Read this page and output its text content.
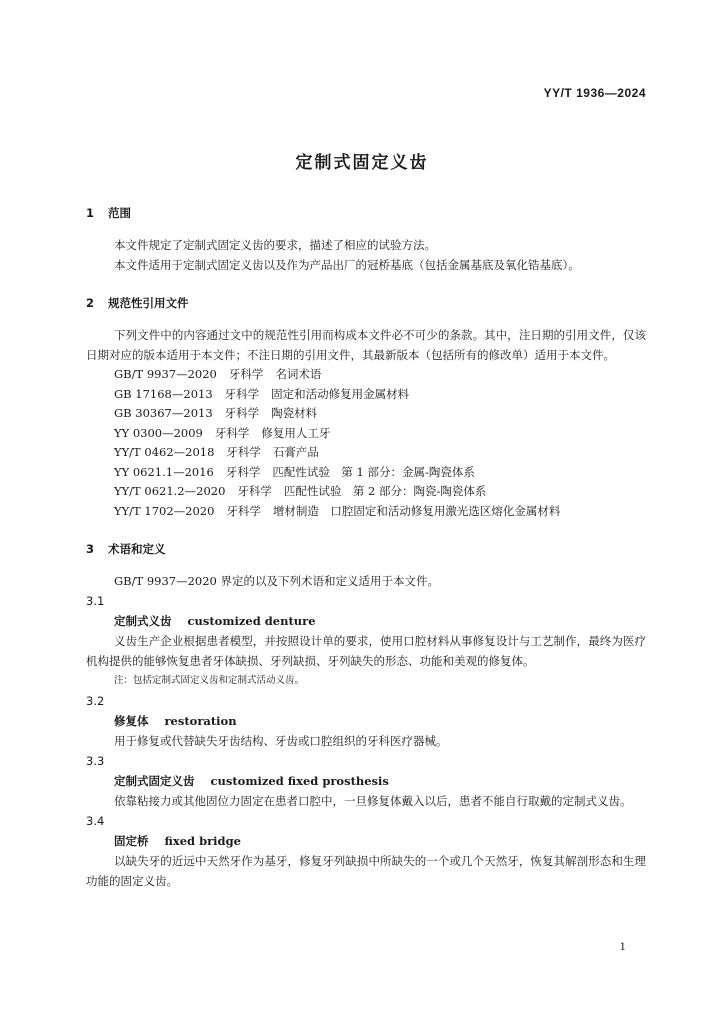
YY/T 1936—2024
定制式固定义齿

1 范围

本文件规定了定制式固定义齿的要求，描述了相应的试验方法。

本文件适用于定制式固定义齿以及作为产品出厂的冠桥基底（包括金属基底及氧化锆基底）。

2 规范性引用文件

下列文件中的内容通过文中的规范性引用而构成本文件必不可少的条款。其中，注日期的引用文件，仅该日期对应的版本适用于本文件；不注日期的引用文件，其最新版本（包括所有的修改单）适用于本文件。

GB/T 9937—2020 牙科学 名词术语

GB 17168—2013 牙科学 固定和活动修复用金属材料

GB 30367—2013 牙科学 陶瓷材料

YY 0300—2009 牙科学 修复用人工牙

YY/T 0462—2018 牙科学 石膏产品

YY 0621.1—2016 牙科学 匹配性试验　第 1 部分：金属-陶瓷体系

YY/T 0621.2—2020 牙科学 匹配性试验　第 2 部分：陶瓷-陶瓷体系

YY/T 1702—2020 牙科学 增材制造　口腔固定和活动修复用激光选区熔化金属材料

3 术语和定义

GB/T 9937—2020 界定的以及下列术语和定义适用于本文件。

3.1

定制式义齿 customized denture

义齿生产企业根据患者模型，并按照设计单的要求，使用口腔材料从事修复设计与工艺制作，最终为医疗机构提供的能够恢复患者牙体缺损、牙列缺损、牙列缺失的形态、功能和美观的修复体。

注：包括定制式固定义齿和定制式活动义齿。

3.2

修复体 restoration

用于修复或代替缺失牙齿结构、牙齿或口腔组织的牙科医疗器械。

3.3

定制式固定义齿 customized fixed prosthesis

依靠粘接力或其他固位力固定在患者口腔中，一旦修复体戴入以后，患者不能自行取戴的定制式义齿。

3.4

固定桥 fixed bridge

以缺失牙的近远中天然牙作为基牙，修复牙列缺损中所缺失的一个或几个天然牙，恢复其解剖形态和生理功能的固定义齿。

1
